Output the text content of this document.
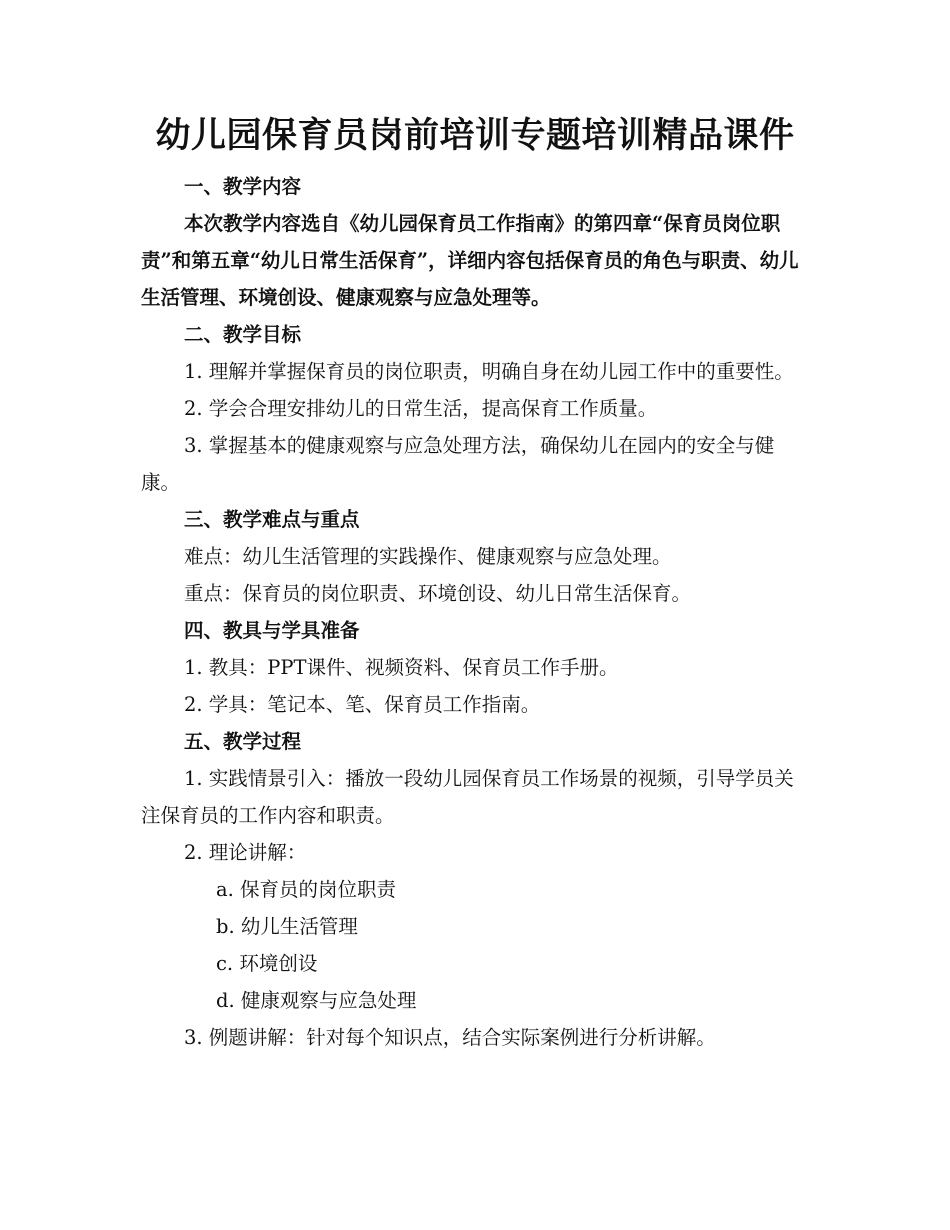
幼儿园保育员岗前培训专题培训精品课件

一、教学内容

本次教学内容选自《幼儿园保育员工作指南》的第四章“保育员岗位职责”和第五章“幼儿日常生活保育”，详细内容包括保育员的角色与职责、幼儿生活管理、环境创设、健康观察与应急处理等。

二、教学目标

1. 理解并掌握保育员的岗位职责，明确自身在幼儿园工作中的重要性。

2. 学会合理安排幼儿的日常生活，提高保育工作质量。

3. 掌握基本的健康观察与应急处理方法，确保幼儿在园内的安全与健康。

三、教学难点与重点

难点：幼儿生活管理的实践操作、健康观察与应急处理。

重点：保育员的岗位职责、环境创设、幼儿日常生活保育。

四、教具与学具准备

1. 教具：PPT课件、视频资料、保育员工作手册。

2. 学具：笔记本、笔、保育员工作指南。

五、教学过程

1. 实践情景引入：播放一段幼儿园保育员工作场景的视频，引导学员关注保育员的工作内容和职责。

2. 理论讲解：

a. 保育员的岗位职责

b. 幼儿生活管理

c. 环境创设

d. 健康观察与应急处理

3. 例题讲解：针对每个知识点，结合实际案例进行分析讲解。
